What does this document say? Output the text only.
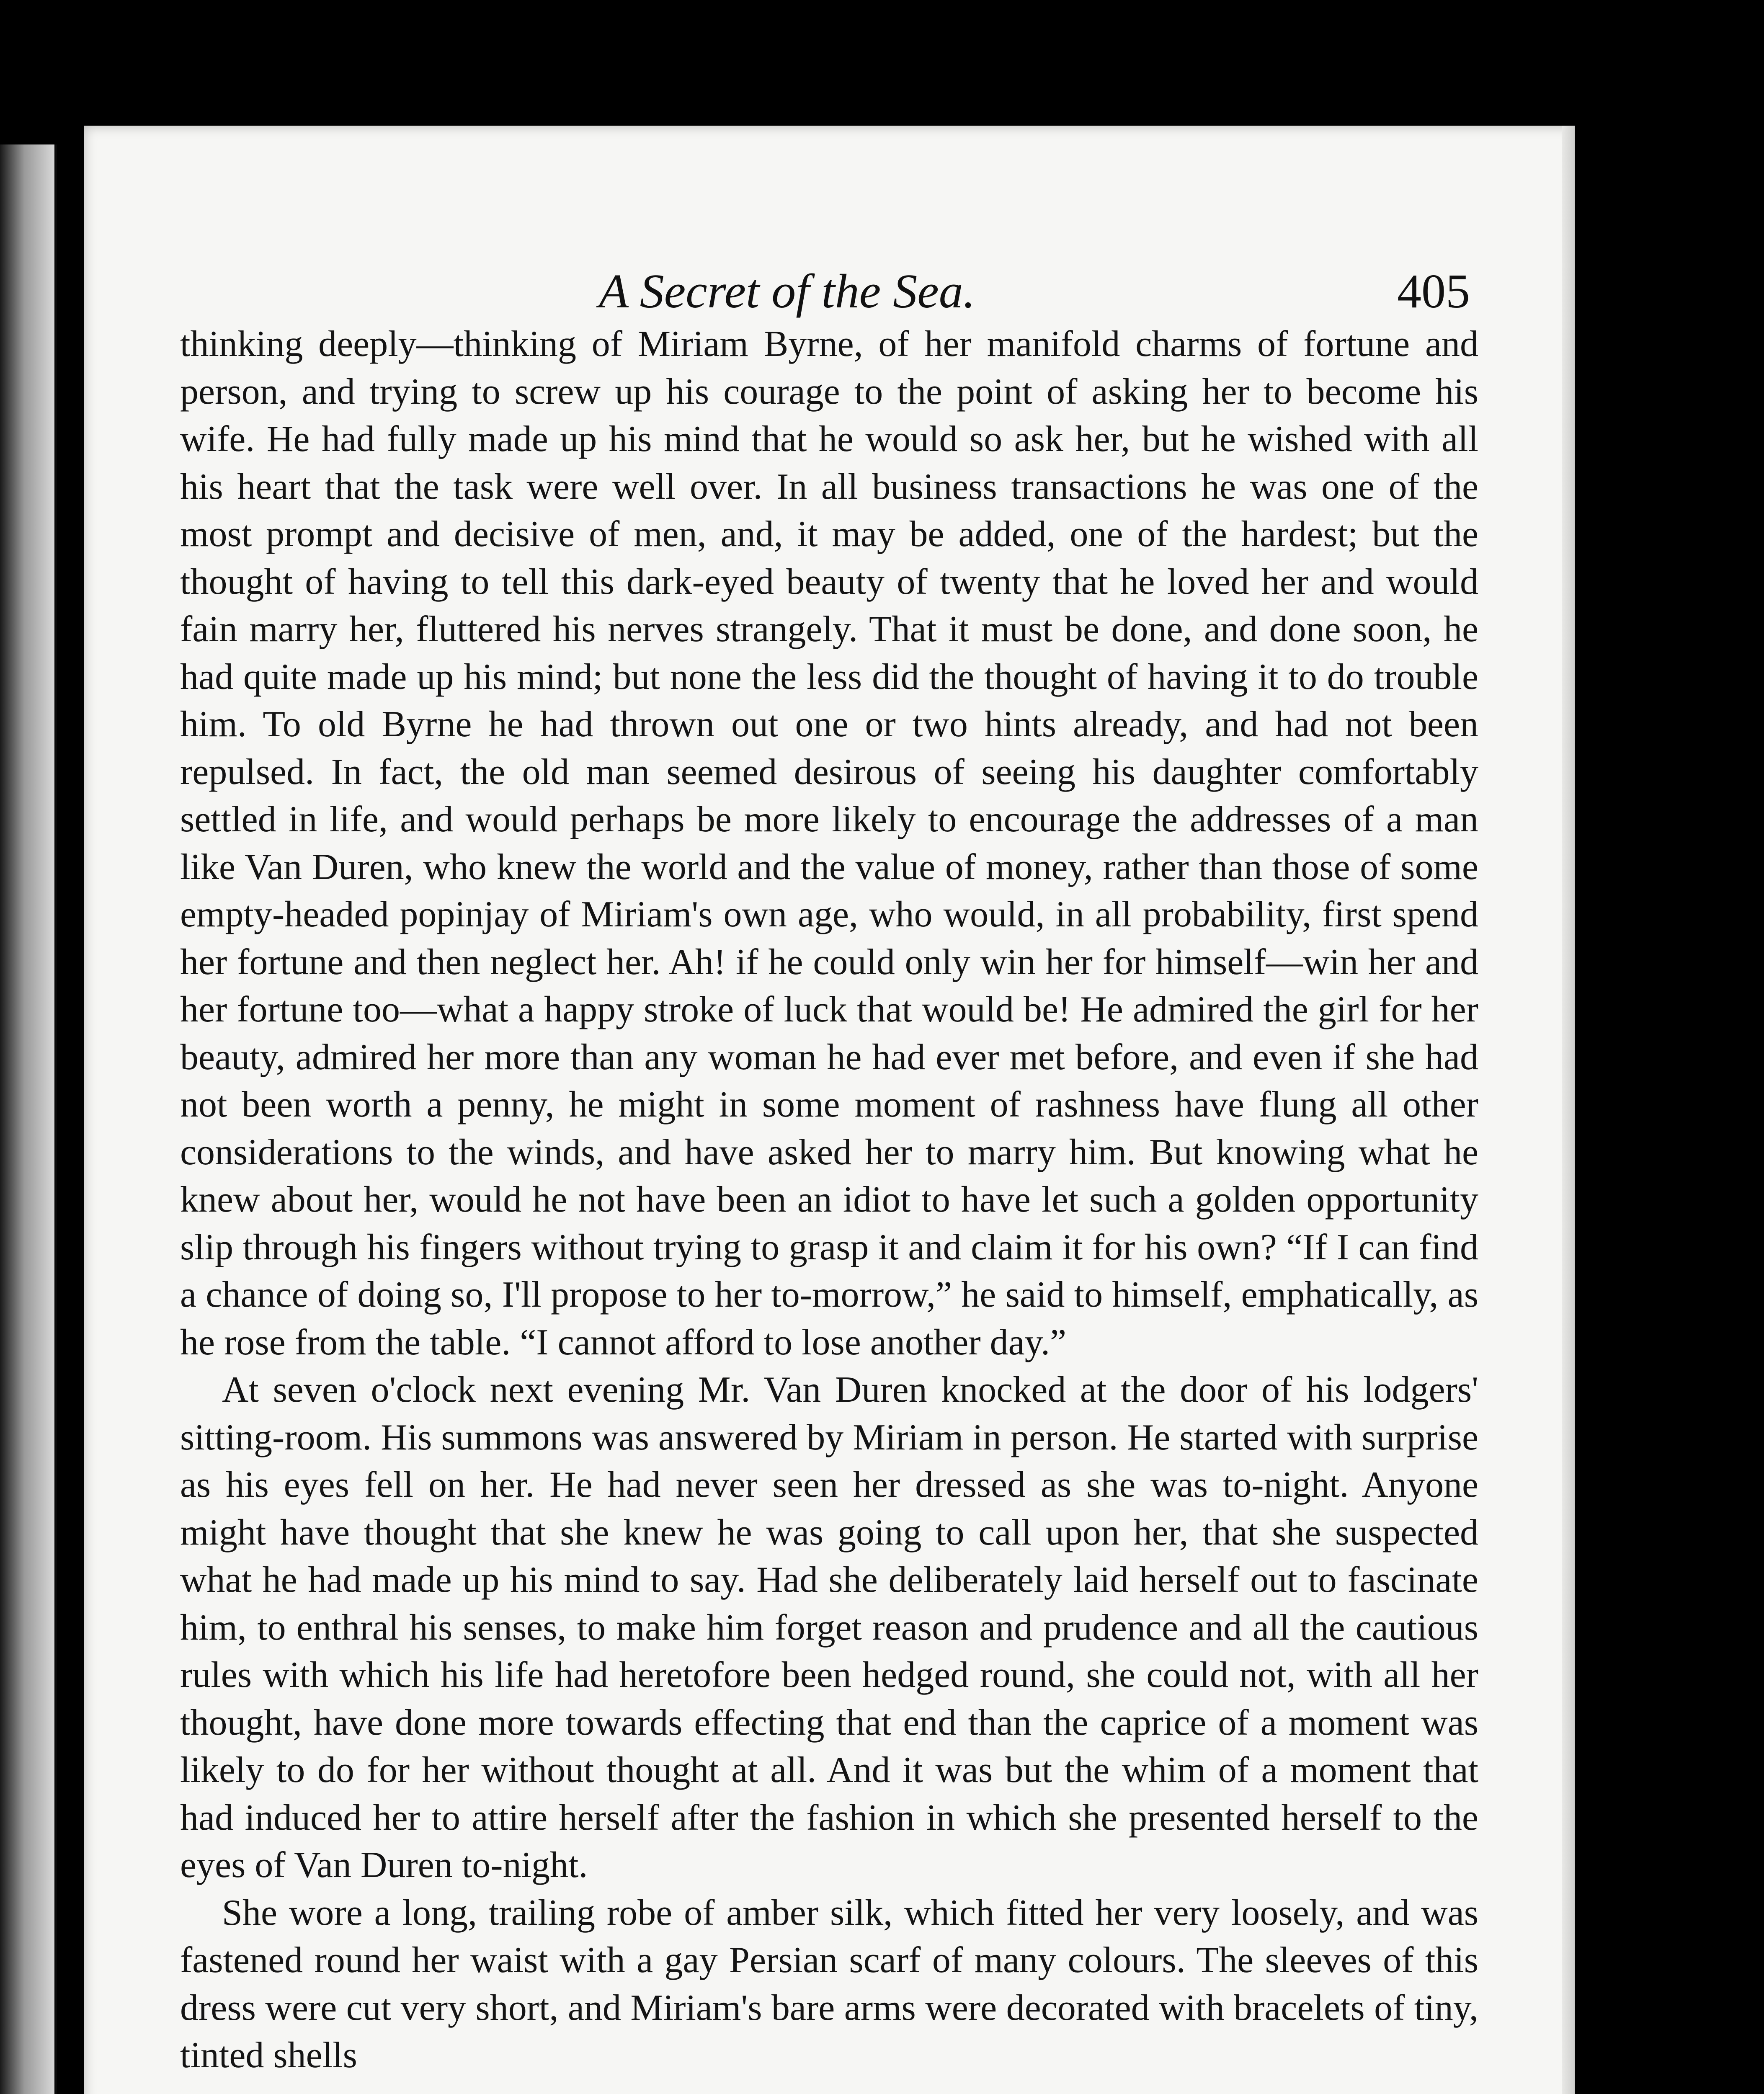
A Secret of the Sea.	405

thinking deeply—thinking of Miriam Byrne, of her manifold charms of fortune and person, and trying to screw up his courage to the point of asking her to become his wife. He had fully made up his mind that he would so ask her, but he wished with all his heart that the task were well over. In all business transactions he was one of the most prompt and decisive of men, and, it may be added, one of the hardest; but the thought of having to tell this dark-eyed beauty of twenty that he loved her and would fain marry her, fluttered his nerves strangely. That it must be done, and done soon, he had quite made up his mind; but none the less did the thought of having it to do trouble him. To old Byrne he had thrown out one or two hints already, and had not been repulsed. In fact, the old man seemed desirous of seeing his daughter comfortably settled in life, and would perhaps be more likely to encourage the addresses of a man like Van Duren, who knew the world and the value of money, rather than those of some empty-headed popinjay of Miriam's own age, who would, in all probability, first spend her fortune and then neglect her. Ah! if he could only win her for himself—win her and her fortune too—what a happy stroke of luck that would be! He admired the girl for her beauty, admired her more than any woman he had ever met before, and even if she had not been worth a penny, he might in some moment of rashness have flung all other considerations to the winds, and have asked her to marry him. But knowing what he knew about her, would he not have been an idiot to have let such a golden opportunity slip through his fingers without trying to grasp it and claim it for his own? “If I can find a chance of doing so, I'll propose to her to-morrow,” he said to himself, emphatically, as he rose from the table. “I cannot afford to lose another day.”

At seven o'clock next evening Mr. Van Duren knocked at the door of his lodgers' sitting-room. His summons was answered by Miriam in person. He started with surprise as his eyes fell on her. He had never seen her dressed as she was to-night. Anyone might have thought that she knew he was going to call upon her, that she suspected what he had made up his mind to say. Had she deliberately laid herself out to fascinate him, to enthral his senses, to make him forget reason and prudence and all the cautious rules with which his life had heretofore been hedged round, she could not, with all her thought, have done more towards effecting that end than the caprice of a moment was likely to do for her without thought at all. And it was but the whim of a moment that had induced her to attire herself after the fashion in which she presented herself to the eyes of Van Duren to-night.

She wore a long, trailing robe of amber silk, which fitted her very loosely, and was fastened round her waist with a gay Persian scarf of many colours. The sleeves of this dress were cut very short, and Miriam's bare arms were decorated with bracelets of tiny, tinted shells
